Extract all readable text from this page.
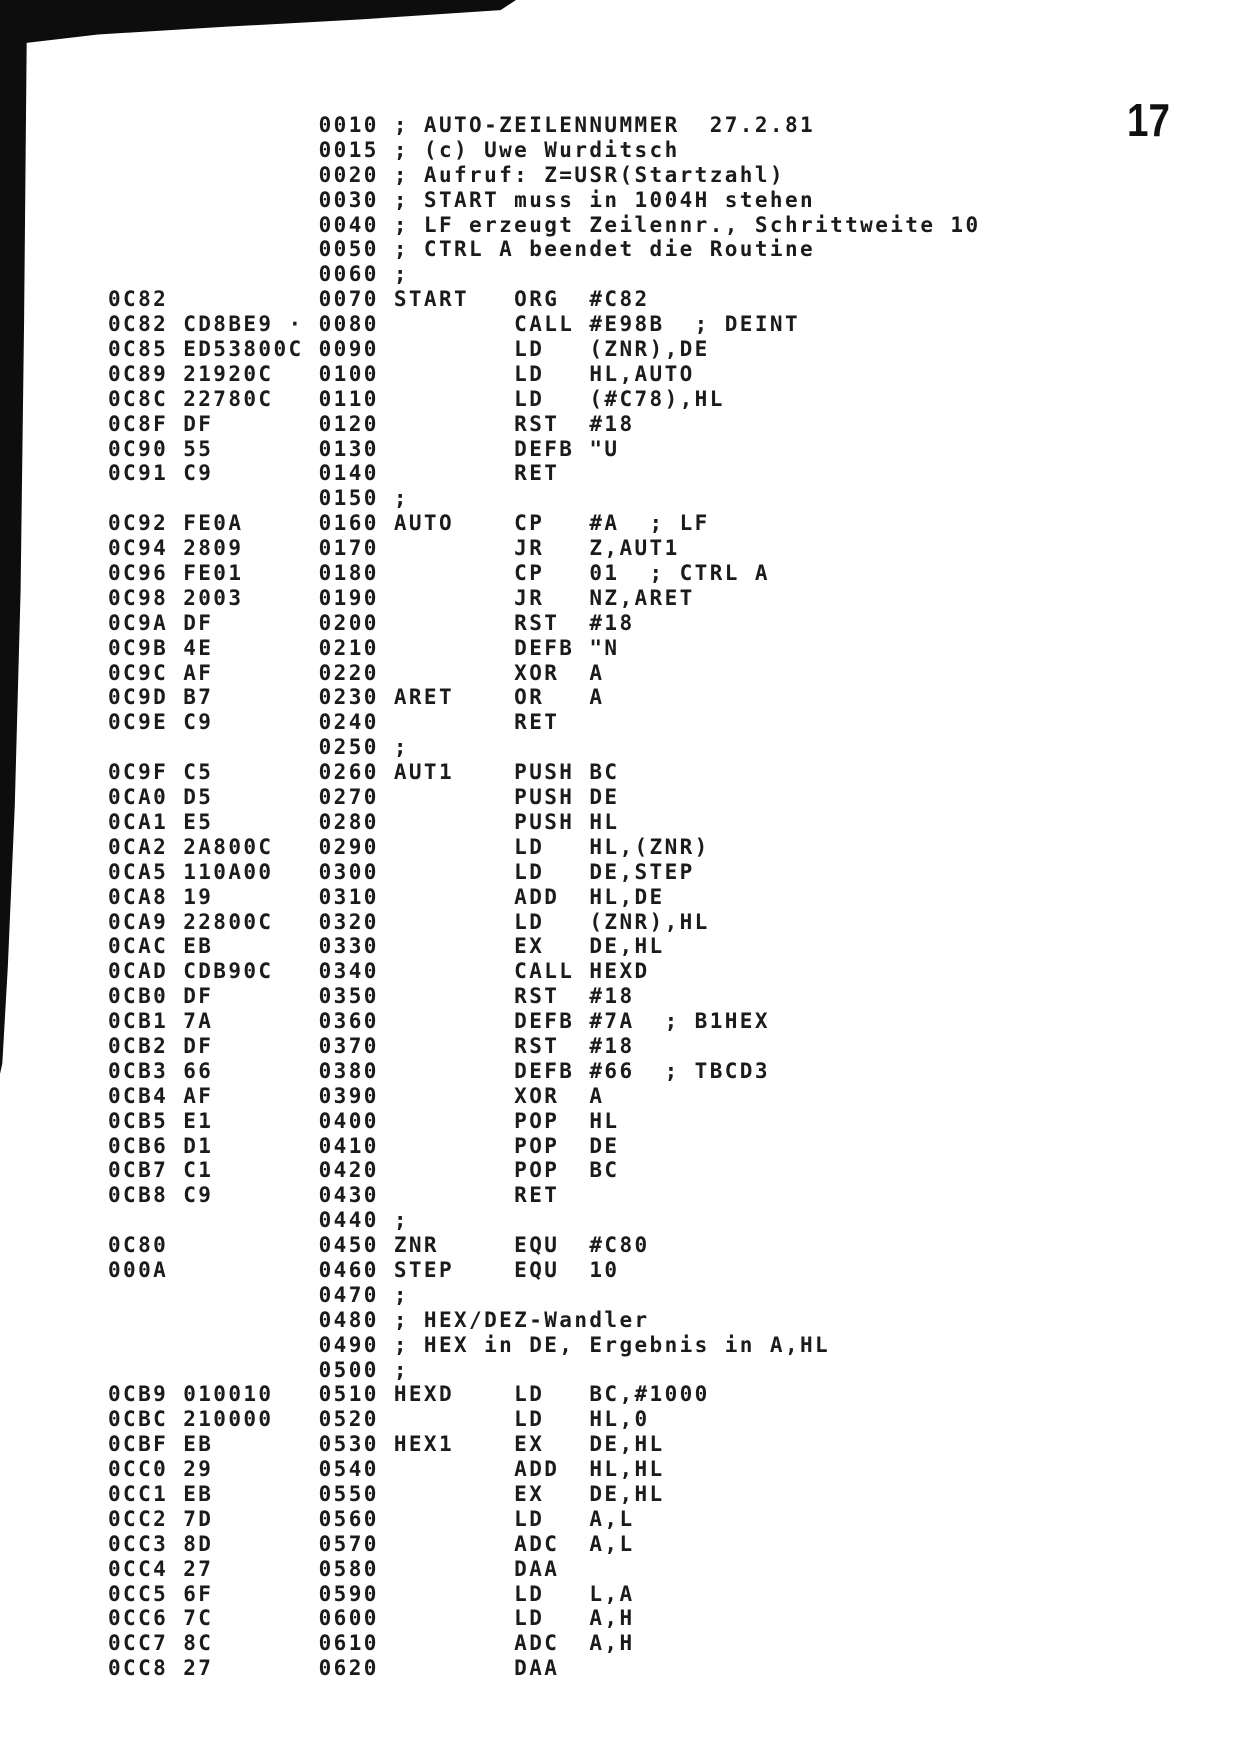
17
0010 ; AUTO-ZEILENNUMMER  27.2.81
0015 ; (c) Uwe Wurditsch
0020 ; Aufruf: Z=USR(Startzahl)
0030 ; START muss in 1004H stehen
0040 ; LF erzeugt Zeilennr., Schrittweite 10
0050 ; CTRL A beendet die Routine
0060 ;
0C82          0070 START   ORG  #C82
0C82 CD8BE9 · 0080         CALL #E98B  ; DEINT
0C85 ED53800C 0090         LD   (ZNR),DE
0C89 21920C   0100         LD   HL,AUTO
0C8C 22780C   0110         LD   (#C78),HL
0C8F DF       0120         RST  #18
0C90 55       0130         DEFB "U
0C91 C9       0140         RET
0150 ;
0C92 FE0A     0160 AUTO    CP   #A  ; LF
0C94 2809     0170         JR   Z,AUT1
0C96 FE01     0180         CP   01  ; CTRL A
0C98 2003     0190         JR   NZ,ARET
0C9A DF       0200         RST  #18
0C9B 4E       0210         DEFB "N
0C9C AF       0220         XOR  A
0C9D B7       0230 ARET    OR   A
0C9E C9       0240         RET
0250 ;
0C9F C5       0260 AUT1    PUSH BC
0CA0 D5       0270         PUSH DE
0CA1 E5       0280         PUSH HL
0CA2 2A800C   0290         LD   HL,(ZNR)
0CA5 110A00   0300         LD   DE,STEP
0CA8 19       0310         ADD  HL,DE
0CA9 22800C   0320         LD   (ZNR),HL
0CAC EB       0330         EX   DE,HL
0CAD CDB90C   0340         CALL HEXD
0CB0 DF       0350         RST  #18
0CB1 7A       0360         DEFB #7A  ; B1HEX
0CB2 DF       0370         RST  #18
0CB3 66       0380         DEFB #66  ; TBCD3
0CB4 AF       0390         XOR  A
0CB5 E1       0400         POP  HL
0CB6 D1       0410         POP  DE
0CB7 C1       0420         POP  BC
0CB8 C9       0430         RET
0440 ;
0C80          0450 ZNR     EQU  #C80
000A          0460 STEP    EQU  10
0470 ;
0480 ; HEX/DEZ-Wandler
0490 ; HEX in DE, Ergebnis in A,HL
0500 ;
0CB9 010010   0510 HEXD    LD   BC,#1000
0CBC 210000   0520         LD   HL,0
0CBF EB       0530 HEX1    EX   DE,HL
0CC0 29       0540         ADD  HL,HL
0CC1 EB       0550         EX   DE,HL
0CC2 7D       0560         LD   A,L
0CC3 8D       0570         ADC  A,L
0CC4 27       0580         DAA
0CC5 6F       0590         LD   L,A
0CC6 7C       0600         LD   A,H
0CC7 8C       0610         ADC  A,H
0CC8 27       0620         DAA
